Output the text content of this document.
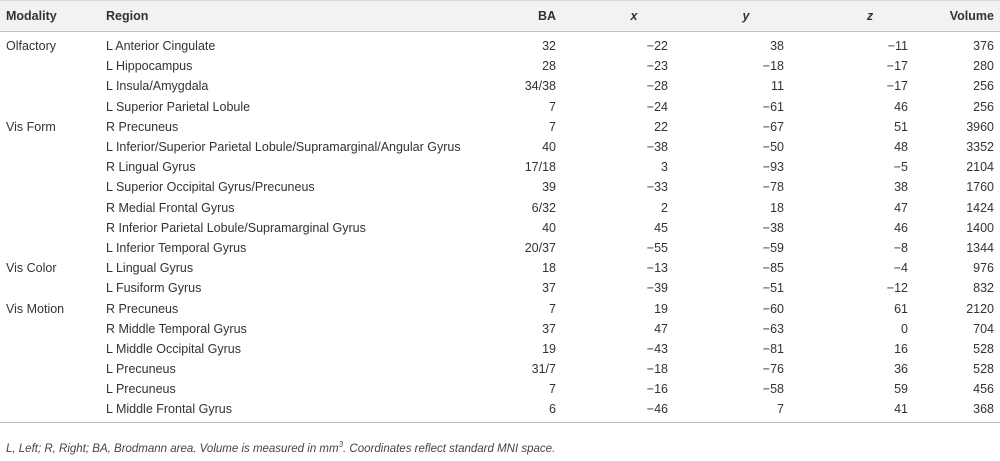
Modality	Region	BA	x	y	z	Volume
Olfactory	L Anterior Cingulate	32	−22	38	−11	376
	L Hippocampus	28	−23	−18	−17	280
	L Insula/Amygdala	34/38	−28	11	−17	256
	L Superior Parietal Lobule	7	−24	−61	46	256
Vis Form	R Precuneus	7	22	−67	51	3960
	L Inferior/Superior Parietal Lobule/Supramarginal/Angular Gyrus	40	−38	−50	48	3352
	R Lingual Gyrus	17/18	3	−93	−5	2104
	L Superior Occipital Gyrus/Precuneus	39	−33	−78	38	1760
	R Medial Frontal Gyrus	6/32	2	18	47	1424
	R Inferior Parietal Lobule/Supramarginal Gyrus	40	45	−38	46	1400
	L Inferior Temporal Gyrus	20/37	−55	−59	−8	1344
Vis Color	L Lingual Gyrus	18	−13	−85	−4	976
	L Fusiform Gyrus	37	−39	−51	−12	832
Vis Motion	R Precuneus	7	19	−60	61	2120
	R Middle Temporal Gyrus	37	47	−63	0	704
	L Middle Occipital Gyrus	19	−43	−81	16	528
	L Precuneus	31/7	−18	−76	36	528
	L Precuneus	7	−16	−58	59	456
	L Middle Frontal Gyrus	6	−46	7	41	368
L, Left; R, Right; BA, Brodmann area. Volume is measured in $mm^3$. Coordinates reflect standard MNI space.
